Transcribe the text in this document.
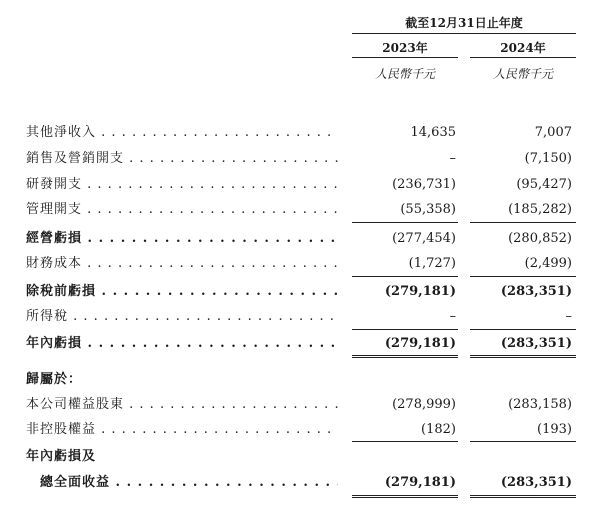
截至12月31日止年度
2023年	2024年
人民幣千元	人民幣千元
其他淨收入 . . .	14,635	7,007
銷售及營銷開支 . . .	–	(7,150)
研發開支 . . .	(236,731)	(95,427)
管理開支 . . .	(55,358)	(185,282)
經營虧損 . . .	(277,454)	(280,852)
財務成本 . . .	(1,727)	(2,499)
除稅前虧損 . . .	(279,181)	(283,351)
所得稅 . . .	–	–
年內虧損 . . .	(279,181)	(283,351)
歸屬於：
本公司權益股東 . . .	(278,999)	(283,158)
非控股權益 . . .	(182)	(193)
年內虧損及
總全面收益 . . .	(279,181)	(283,351)
